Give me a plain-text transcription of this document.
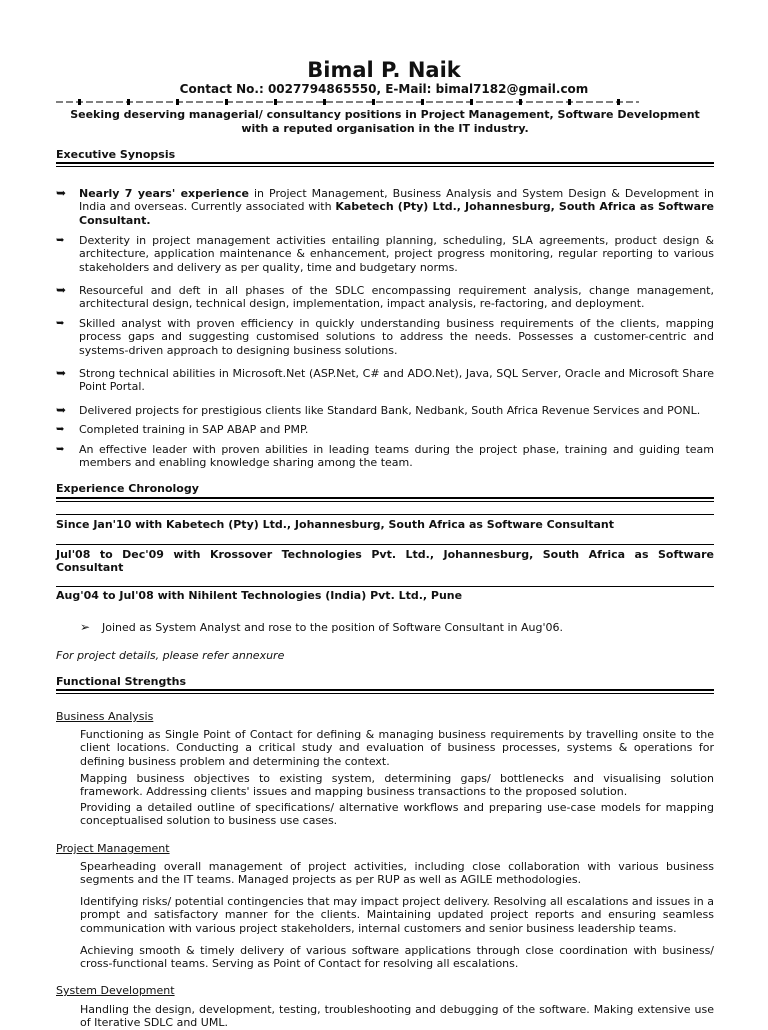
Bimal P. Naik
Contact No.: 0027794865550, E-Mail: bimal7182@gmail.com
Seeking deserving managerial/ consultancy positions in Project Management, Software Development with a reputed organisation in the IT industry.
Executive Synopsis
➥	Nearly 7 years' experience in Project Management, Business Analysis and System Design & Development in India and overseas. Currently associated with Kabetech (Pty) Ltd., Johannesburg, South Africa as Software Consultant.
➥	Dexterity in project management activities entailing planning, scheduling, SLA agreements, product design & architecture, application maintenance & enhancement, project progress monitoring, regular reporting to various stakeholders and delivery as per quality, time and budgetary norms.
➥	Resourceful and deft in all phases of the SDLC encompassing requirement analysis, change management, architectural design, technical design, implementation, impact analysis, re-factoring, and deployment.
➥	Skilled analyst with proven efficiency in quickly understanding business requirements of the clients, mapping process gaps and suggesting customised solutions to address the needs. Possesses a customer-centric and systems-driven approach to designing business solutions.
➥	Strong technical abilities in Microsoft.Net (ASP.Net, C# and ADO.Net), Java, SQL Server, Oracle and Microsoft Share Point Portal.
➥	Delivered projects for prestigious clients like Standard Bank, Nedbank, South Africa Revenue Services and PONL.
➥	Completed training in SAP ABAP and PMP.
➥	An effective leader with proven abilities in leading teams during the project phase, training and guiding team members and enabling knowledge sharing among the team.
Experience Chronology
Since Jan'10 with Kabetech (Pty) Ltd., Johannesburg, South Africa as Software Consultant
Jul'08 to Dec'09 with Krossover Technologies Pvt. Ltd., Johannesburg, South Africa as Software Consultant
Aug'04 to Jul'08 with Nihilent Technologies (India) Pvt. Ltd., Pune
➢ Joined as System Analyst and rose to the position of Software Consultant in Aug'06.
For project details, please refer annexure
Functional Strengths
Business Analysis
Functioning as Single Point of Contact for defining & managing business requirements by travelling onsite to the client locations. Conducting a critical study and evaluation of business processes, systems & operations for defining business problem and determining the context.
Mapping business objectives to existing system, determining gaps/ bottlenecks and visualising solution framework. Addressing clients' issues and mapping business transactions to the proposed solution.
Providing a detailed outline of specifications/ alternative workflows and preparing use-case models for mapping conceptualised solution to business use cases.
Project Management
Spearheading overall management of project activities, including close collaboration with various business segments and the IT teams. Managed projects as per RUP as well as AGILE methodologies.
Identifying risks/ potential contingencies that may impact project delivery. Resolving all escalations and issues in a prompt and satisfactory manner for the clients. Maintaining updated project reports and ensuring seamless communication with various project stakeholders, internal customers and senior business leadership teams.
Achieving smooth & timely delivery of various software applications through close coordination with business/ cross-functional teams. Serving as Point of Contact for resolving all escalations.
System Development
Handling the design, development, testing, troubleshooting and debugging of the software. Making extensive use of Iterative SDLC and UML.
